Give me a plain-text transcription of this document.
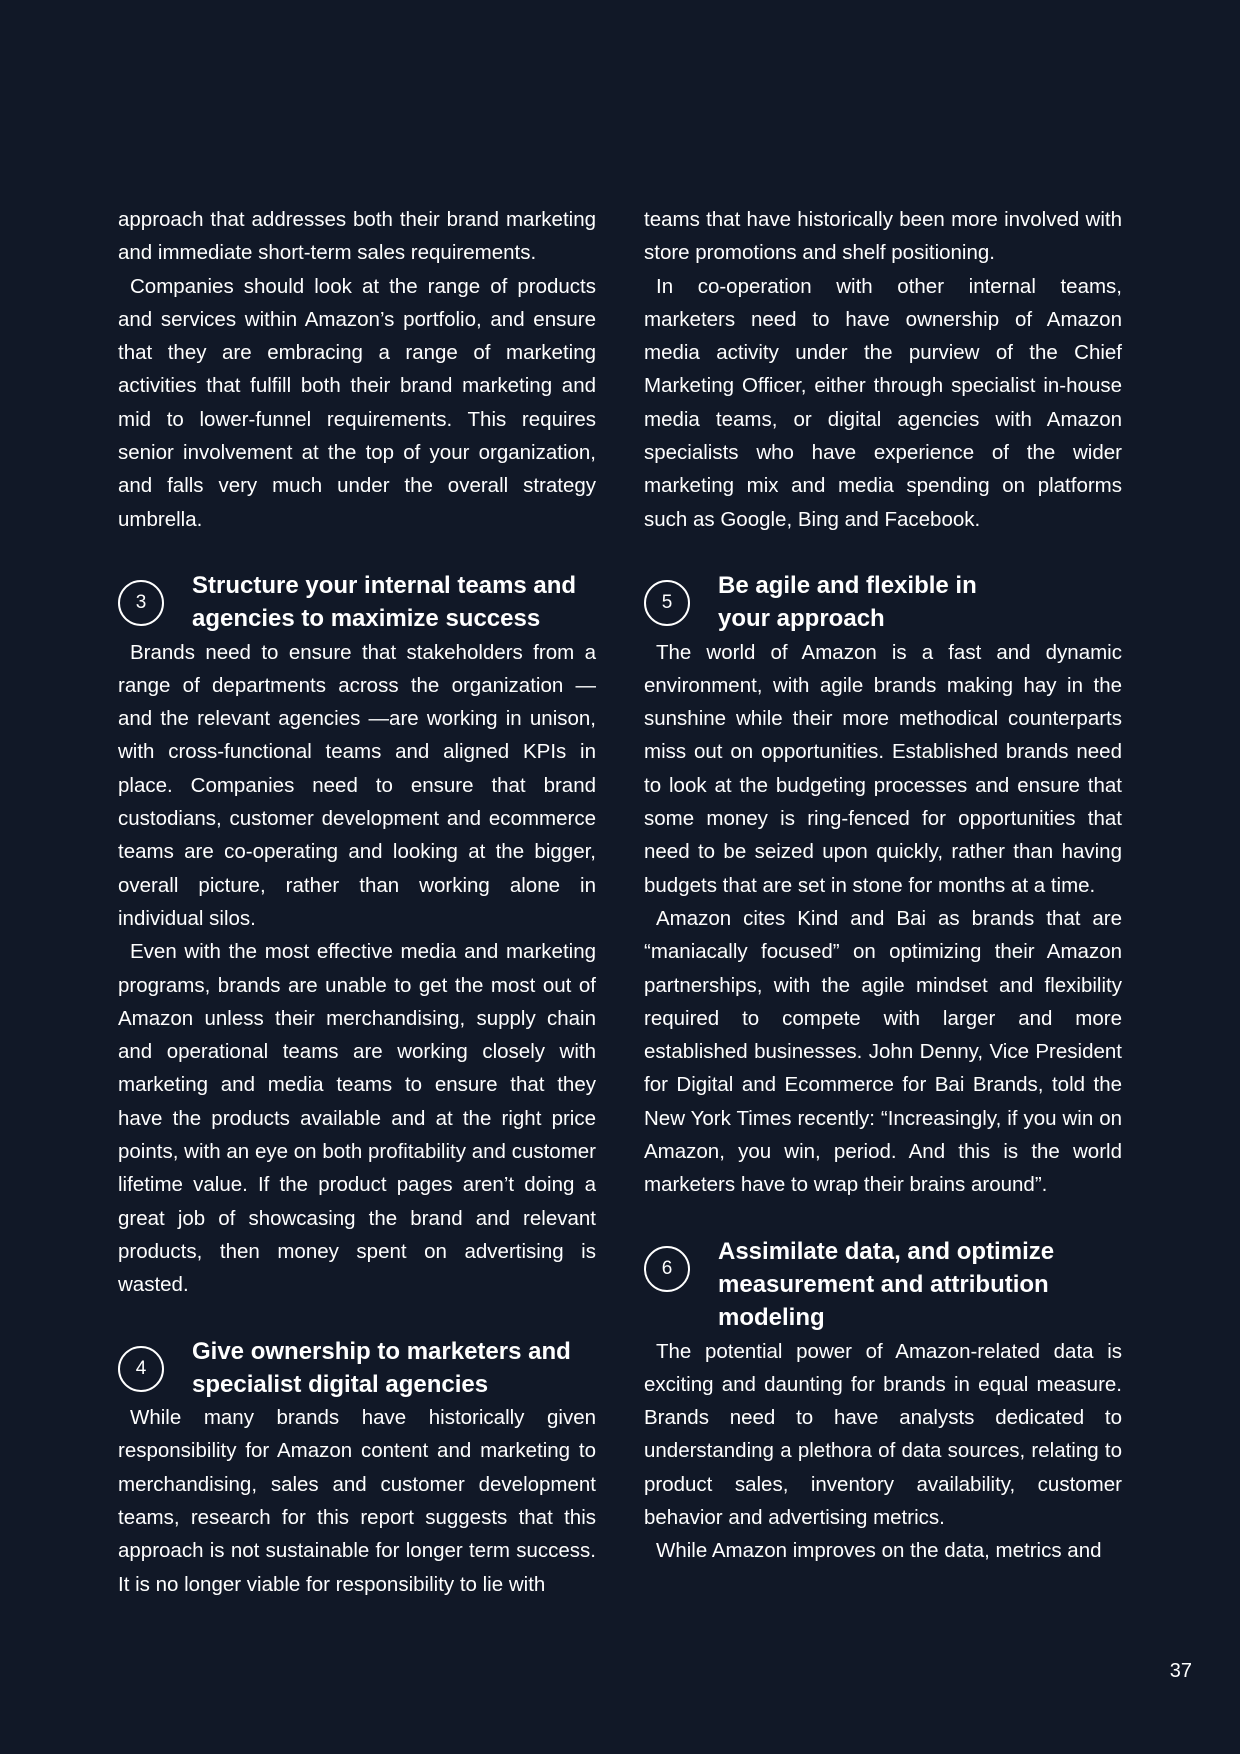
approach that addresses both their brand marketing and immediate short-term sales requirements.

Companies should look at the range of products and services within Amazon’s portfolio, and ensure that they are embracing a range of marketing activities that fulfill both their brand marketing and mid to lower-funnel requirements. This requires senior involvement at the top of your organization, and falls very much under the overall strategy umbrella.

3
Structure your internal teams and agencies to maximize success

Brands need to ensure that stakeholders from a range of departments across the organization — and the relevant agencies —are working in unison, with cross-functional teams and aligned KPIs in place. Companies need to ensure that brand custodians, customer development and ecommerce teams are co-operating and looking at the bigger, overall picture, rather than working alone in individual silos.

Even with the most effective media and marketing programs, brands are unable to get the most out of Amazon unless their merchandising, supply chain and operational teams are working closely with marketing and media teams to ensure that they have the products available and at the right price points, with an eye on both profitability and customer lifetime value. If the product pages aren’t doing a great job of showcasing the brand and relevant products, then money spent on advertising is wasted.

4
Give ownership to marketers and specialist digital agencies

While many brands have historically given responsibility for Amazon content and marketing to merchandising, sales and customer development teams, research for this report suggests that this approach is not sustainable for longer term success. It is no longer viable for responsibility to lie with

teams that have historically been more involved with store promotions and shelf positioning.

In co-operation with other internal teams, marketers need to have ownership of Amazon media activity under the purview of the Chief Marketing Officer, either through specialist in-house media teams, or digital agencies with Amazon specialists who have experience of the wider marketing mix and media spending on platforms such as Google, Bing and Facebook.

5
Be agile and flexible in
your approach

The world of Amazon is a fast and dynamic environment, with agile brands making hay in the sunshine while their more methodical counterparts miss out on opportunities. Established brands need to look at the budgeting processes and ensure that some money is ring-fenced for opportunities that need to be seized upon quickly, rather than having budgets that are set in stone for months at a time.

Amazon cites Kind and Bai as brands that are “maniacally focused” on optimizing their Amazon partnerships, with the agile mindset and flexibility required to compete with larger and more established businesses. John Denny, Vice President for Digital and Ecommerce for Bai Brands, told the New York Times recently: “Increasingly, if you win on Amazon, you win, period. And this is the world marketers have to wrap their brains around”.

6
Assimilate data, and optimize measurement and attribution modeling

The potential power of Amazon-related data is exciting and daunting for brands in equal measure. Brands need to have analysts dedicated to understanding a plethora of data sources, relating to product sales, inventory availability, customer behavior and advertising metrics.

While Amazon improves on the data, metrics and

37
